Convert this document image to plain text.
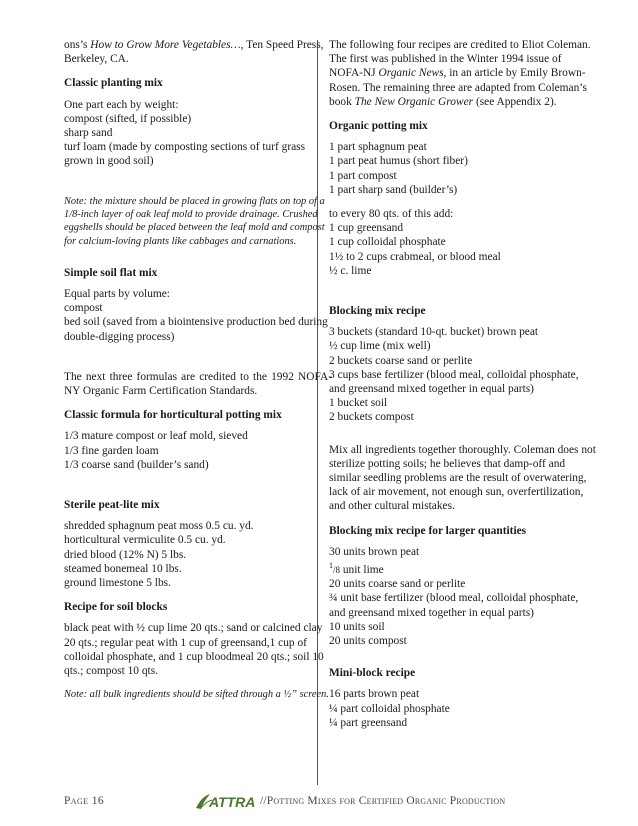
ons’s How to Grow More Vegetables…, Ten Speed Press, Berkeley, CA.

Classic planting mix

One part each by weight:

compost (sifted, if possible)

sharp sand

turf loam (made by composting sections of turf grass grown in good soil)

Note: the mixture should be placed in growing flats on top of a 1/8-inch layer of oak leaf mold to provide drainage. Crushed eggshells should be placed between the leaf mold and compost for calcium-loving plants like cabbages and carnations.

Simple soil flat mix

Equal parts by volume:

compost

bed soil (saved from a biointensive production bed during double-digging process)

The next three formulas are credited to the 1992 NOFA-NY Organic Farm Certification Standards.

Classic formula for horticultural potting mix

1/3 mature compost or leaf mold, sieved

1/3 fine garden loam

1/3 coarse sand (builder’s sand)

Sterile peat-lite mix

shredded sphagnum peat moss 0.5 cu. yd.

horticultural vermiculite 0.5 cu. yd.

dried blood (12% N) 5 lbs.

steamed bonemeal 10 lbs.

ground limestone 5 lbs.

Recipe for soil blocks

black peat with ½ cup lime 20 qts.; sand or calcined clay 20 qts.; regular peat with 1 cup of greensand,1 cup of colloidal phosphate, and 1 cup bloodmeal 20 qts.; soil 10 qts.; compost 10 qts.

Note: all bulk ingredients should be sifted through a ½” screen.

The following four recipes are credited to Eliot Coleman. The first was published in the Winter 1994 issue of NOFA-NJ Organic News, in an article by Emily Brown-Rosen. The remaining three are adapted from Coleman’s book The New Organic Grower (see Appendix 2).

Organic potting mix

1 part sphagnum peat

1 part peat humus (short fiber)

1 part compost

1 part sharp sand (builder’s)

to every 80 qts. of this add:

1 cup greensand

1 cup colloidal phosphate

1½ to 2 cups crabmeal, or blood meal

½ c. lime

Blocking mix recipe

3 buckets (standard 10-qt. bucket) brown peat

½ cup lime (mix well)

2 buckets coarse sand or perlite

3 cups base fertilizer (blood meal, colloidal phosphate, and greensand mixed together in equal parts)

1 bucket soil

2 buckets compost

Mix all ingredients together thoroughly. Coleman does not sterilize potting soils; he believes that damp-off and similar seedling problems are the result of overwatering, lack of air movement, not enough sun, overfertilization, and other cultural mistakes.

Blocking mix recipe for larger quantities

30 units brown peat

$^1$/8 unit lime

20 units coarse sand or perlite

¾ unit base fertilizer (blood meal, colloidal phosphate, and greensand mixed together in equal parts)

10 units soil

20 units compost

Mini-block recipe

16 parts brown peat

¼ part colloidal phosphate

¼ part greensand

Page 16	ATTRA //Potting Mixes for Certified Organic Production
